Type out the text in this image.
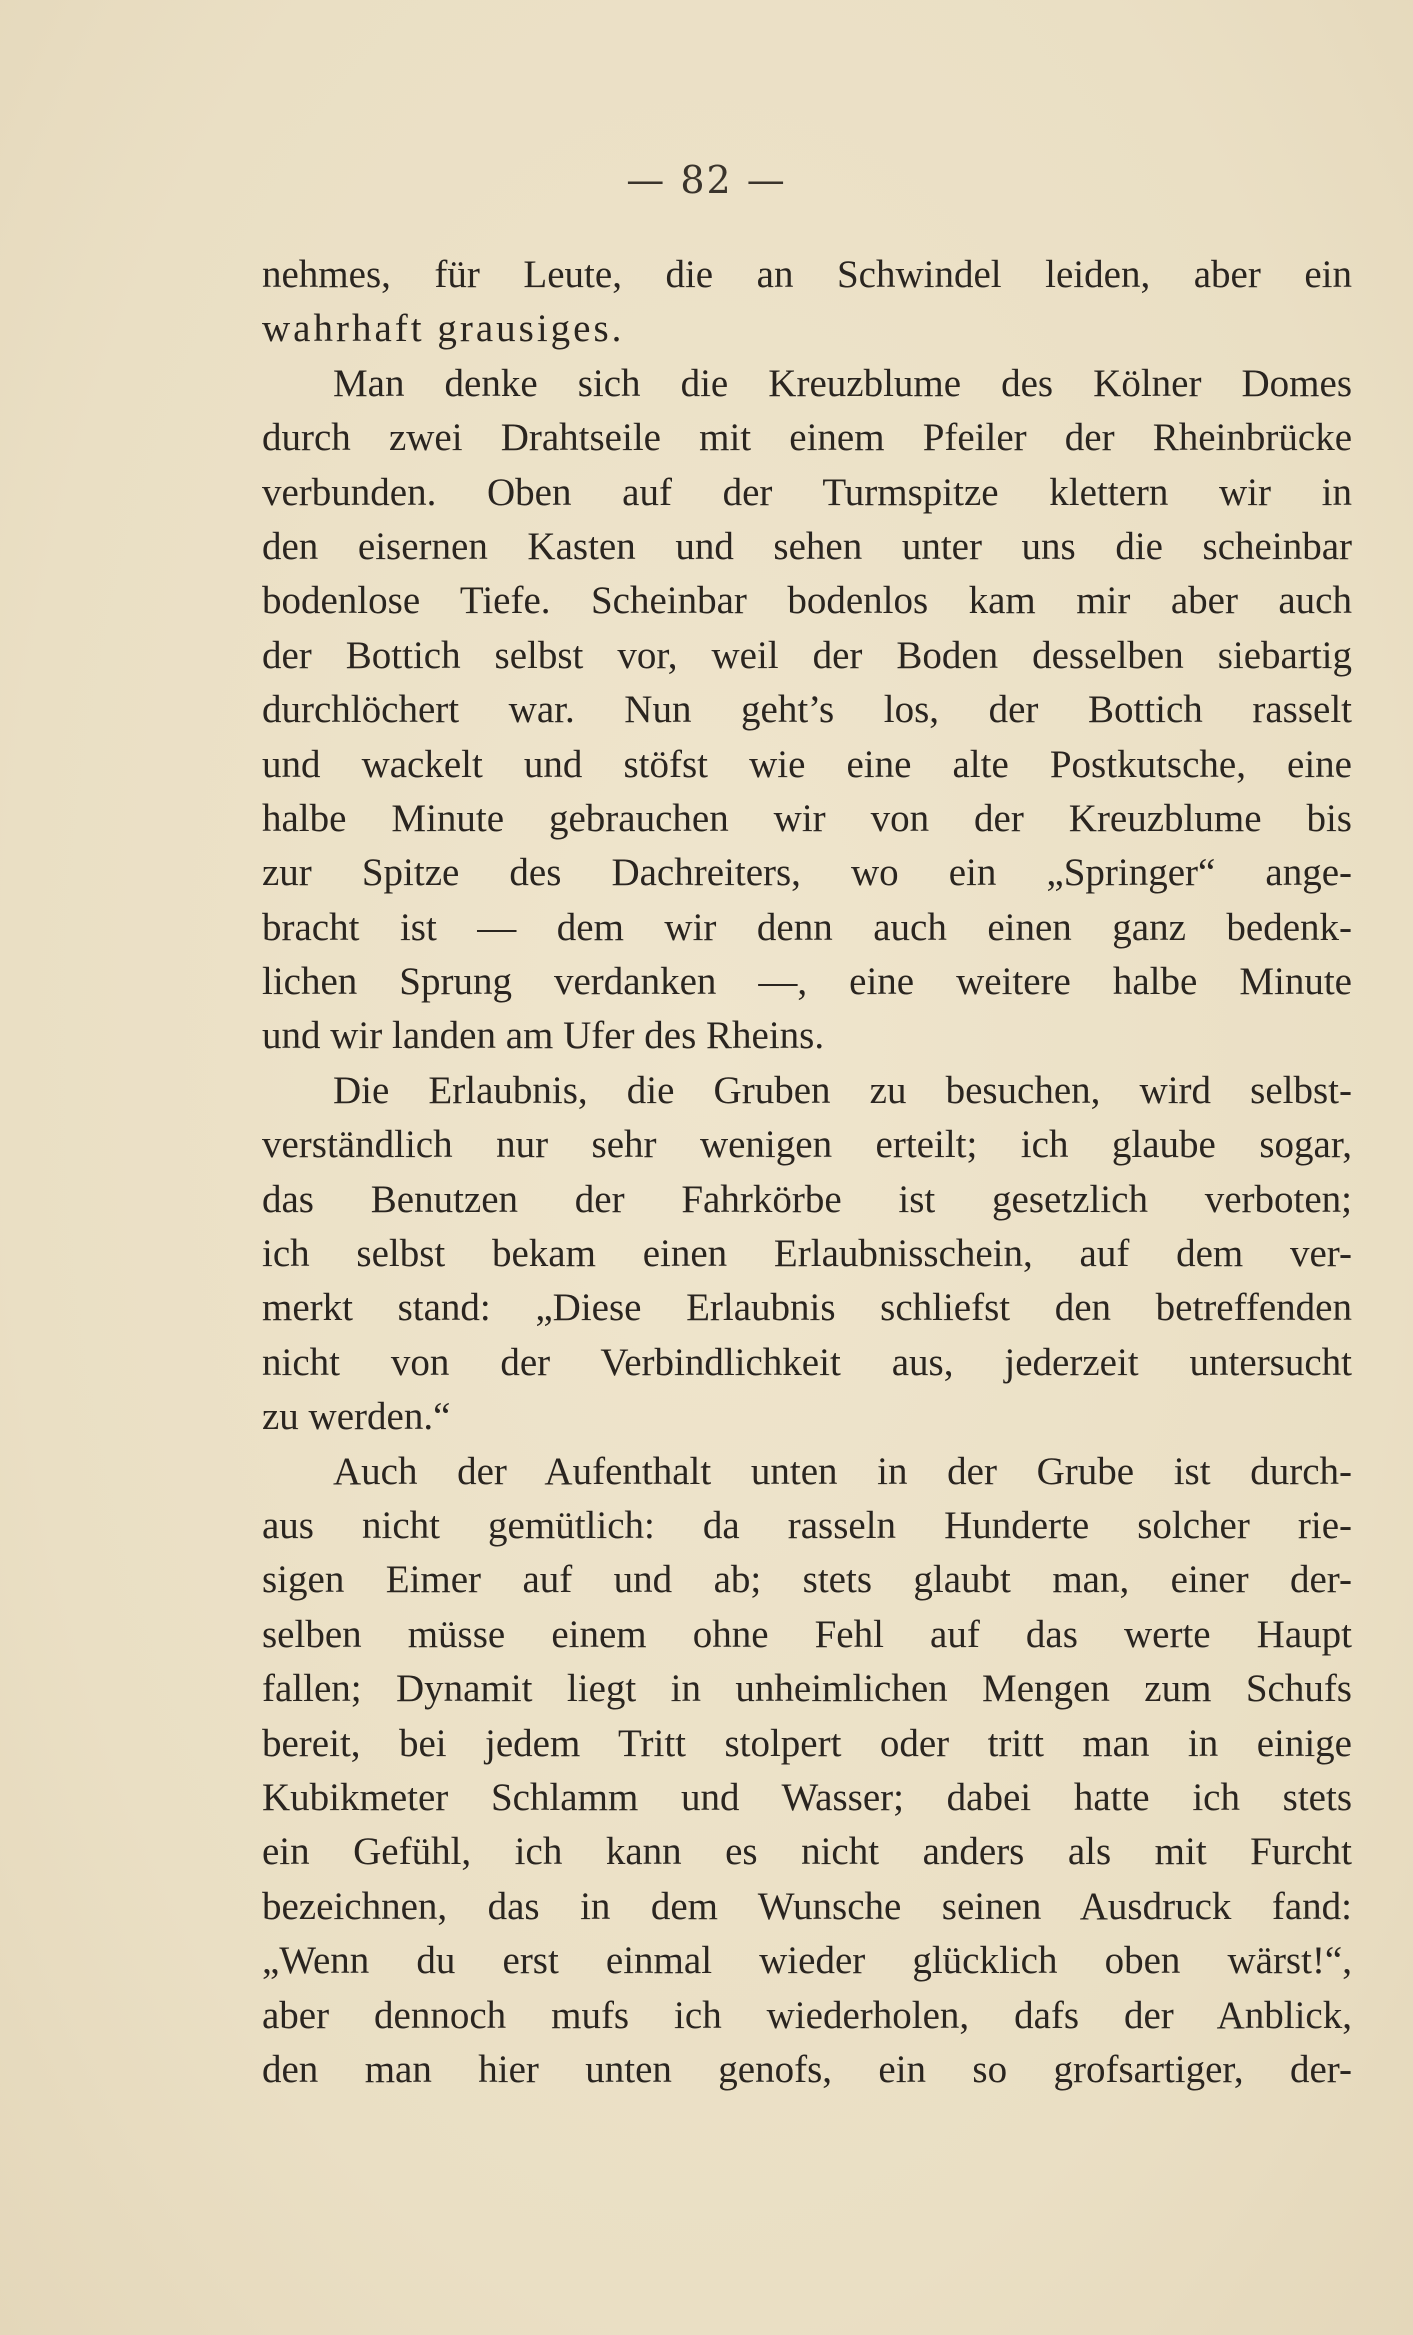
— 82 —
nehmes, für Leute, die an Schwindel leiden, aber ein
wahrhaft grausiges.
Man denke sich die Kreuzblume des Kölner Domes
durch zwei Drahtseile mit einem Pfeiler der Rheinbrücke
verbunden. Oben auf der Turmspitze klettern wir in
den eisernen Kasten und sehen unter uns die scheinbar
bodenlose Tiefe. Scheinbar bodenlos kam mir aber auch
der Bottich selbst vor, weil der Boden desselben siebartig
durchlöchert war. Nun geht’s los, der Bottich rasselt
und wackelt und stöfst wie eine alte Postkutsche, eine
halbe Minute gebrauchen wir von der Kreuzblume bis
zur Spitze des Dachreiters, wo ein „Springer“ ange-
bracht ist — dem wir denn auch einen ganz bedenk-
lichen Sprung verdanken —, eine weitere halbe Minute
und wir landen am Ufer des Rheins.
Die Erlaubnis, die Gruben zu besuchen, wird selbst-
verständlich nur sehr wenigen erteilt; ich glaube sogar,
das Benutzen der Fahrkörbe ist gesetzlich verboten;
ich selbst bekam einen Erlaubnisschein, auf dem ver-
merkt stand: „Diese Erlaubnis schliefst den betreffenden
nicht von der Verbindlichkeit aus, jederzeit untersucht
zu werden.“
Auch der Aufenthalt unten in der Grube ist durch-
aus nicht gemütlich: da rasseln Hunderte solcher rie-
sigen Eimer auf und ab; stets glaubt man, einer der-
selben müsse einem ohne Fehl auf das werte Haupt
fallen; Dynamit liegt in unheimlichen Mengen zum Schufs
bereit, bei jedem Tritt stolpert oder tritt man in einige
Kubikmeter Schlamm und Wasser; dabei hatte ich stets
ein Gefühl, ich kann es nicht anders als mit Furcht
bezeichnen, das in dem Wunsche seinen Ausdruck fand:
„Wenn du erst einmal wieder glücklich oben wärst!“,
aber dennoch mufs ich wiederholen, dafs der Anblick,
den man hier unten genofs, ein so grofsartiger, der-
